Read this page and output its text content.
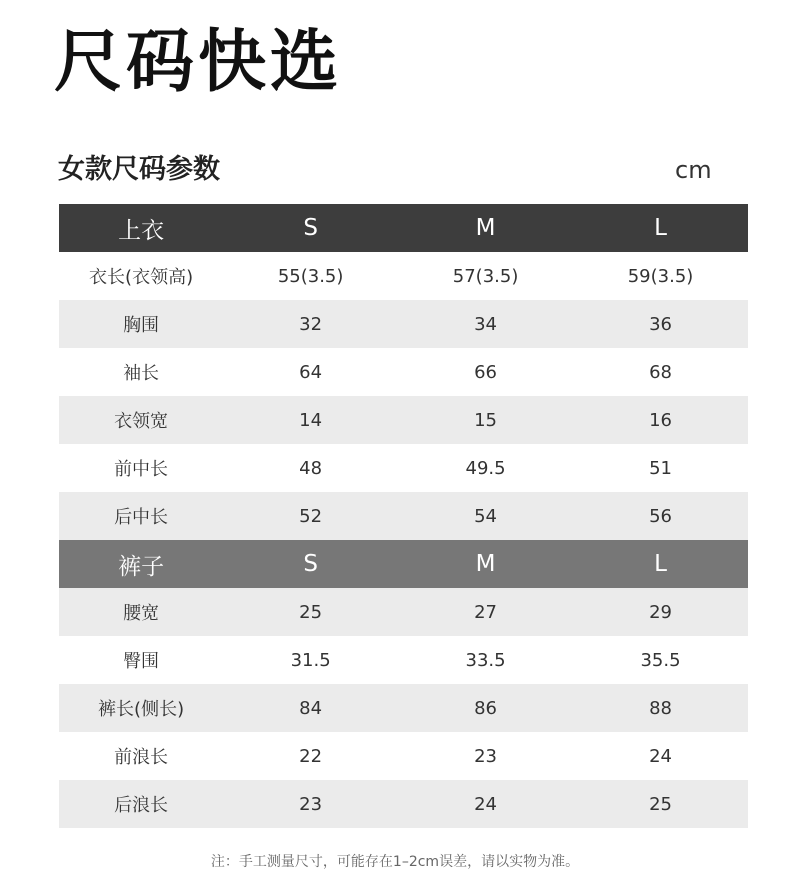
尺码快选
女款尺码参数	cm
上衣	S	M	L
衣长(衣领高)	55(3.5)	57(3.5)	59(3.5)
胸围	32	34	36
袖长	64	66	68
衣领宽	14	15	16
前中长	48	49.5	51
后中长	52	54	56
裤子	S	M	L
腰宽	25	27	29
臀围	31.5	33.5	35.5
裤长(侧长)	84	86	88
前浪长	22	23	24
后浪长	23	24	25
注：手工测量尺寸，可能存在1–2cm误差，请以实物为准。
